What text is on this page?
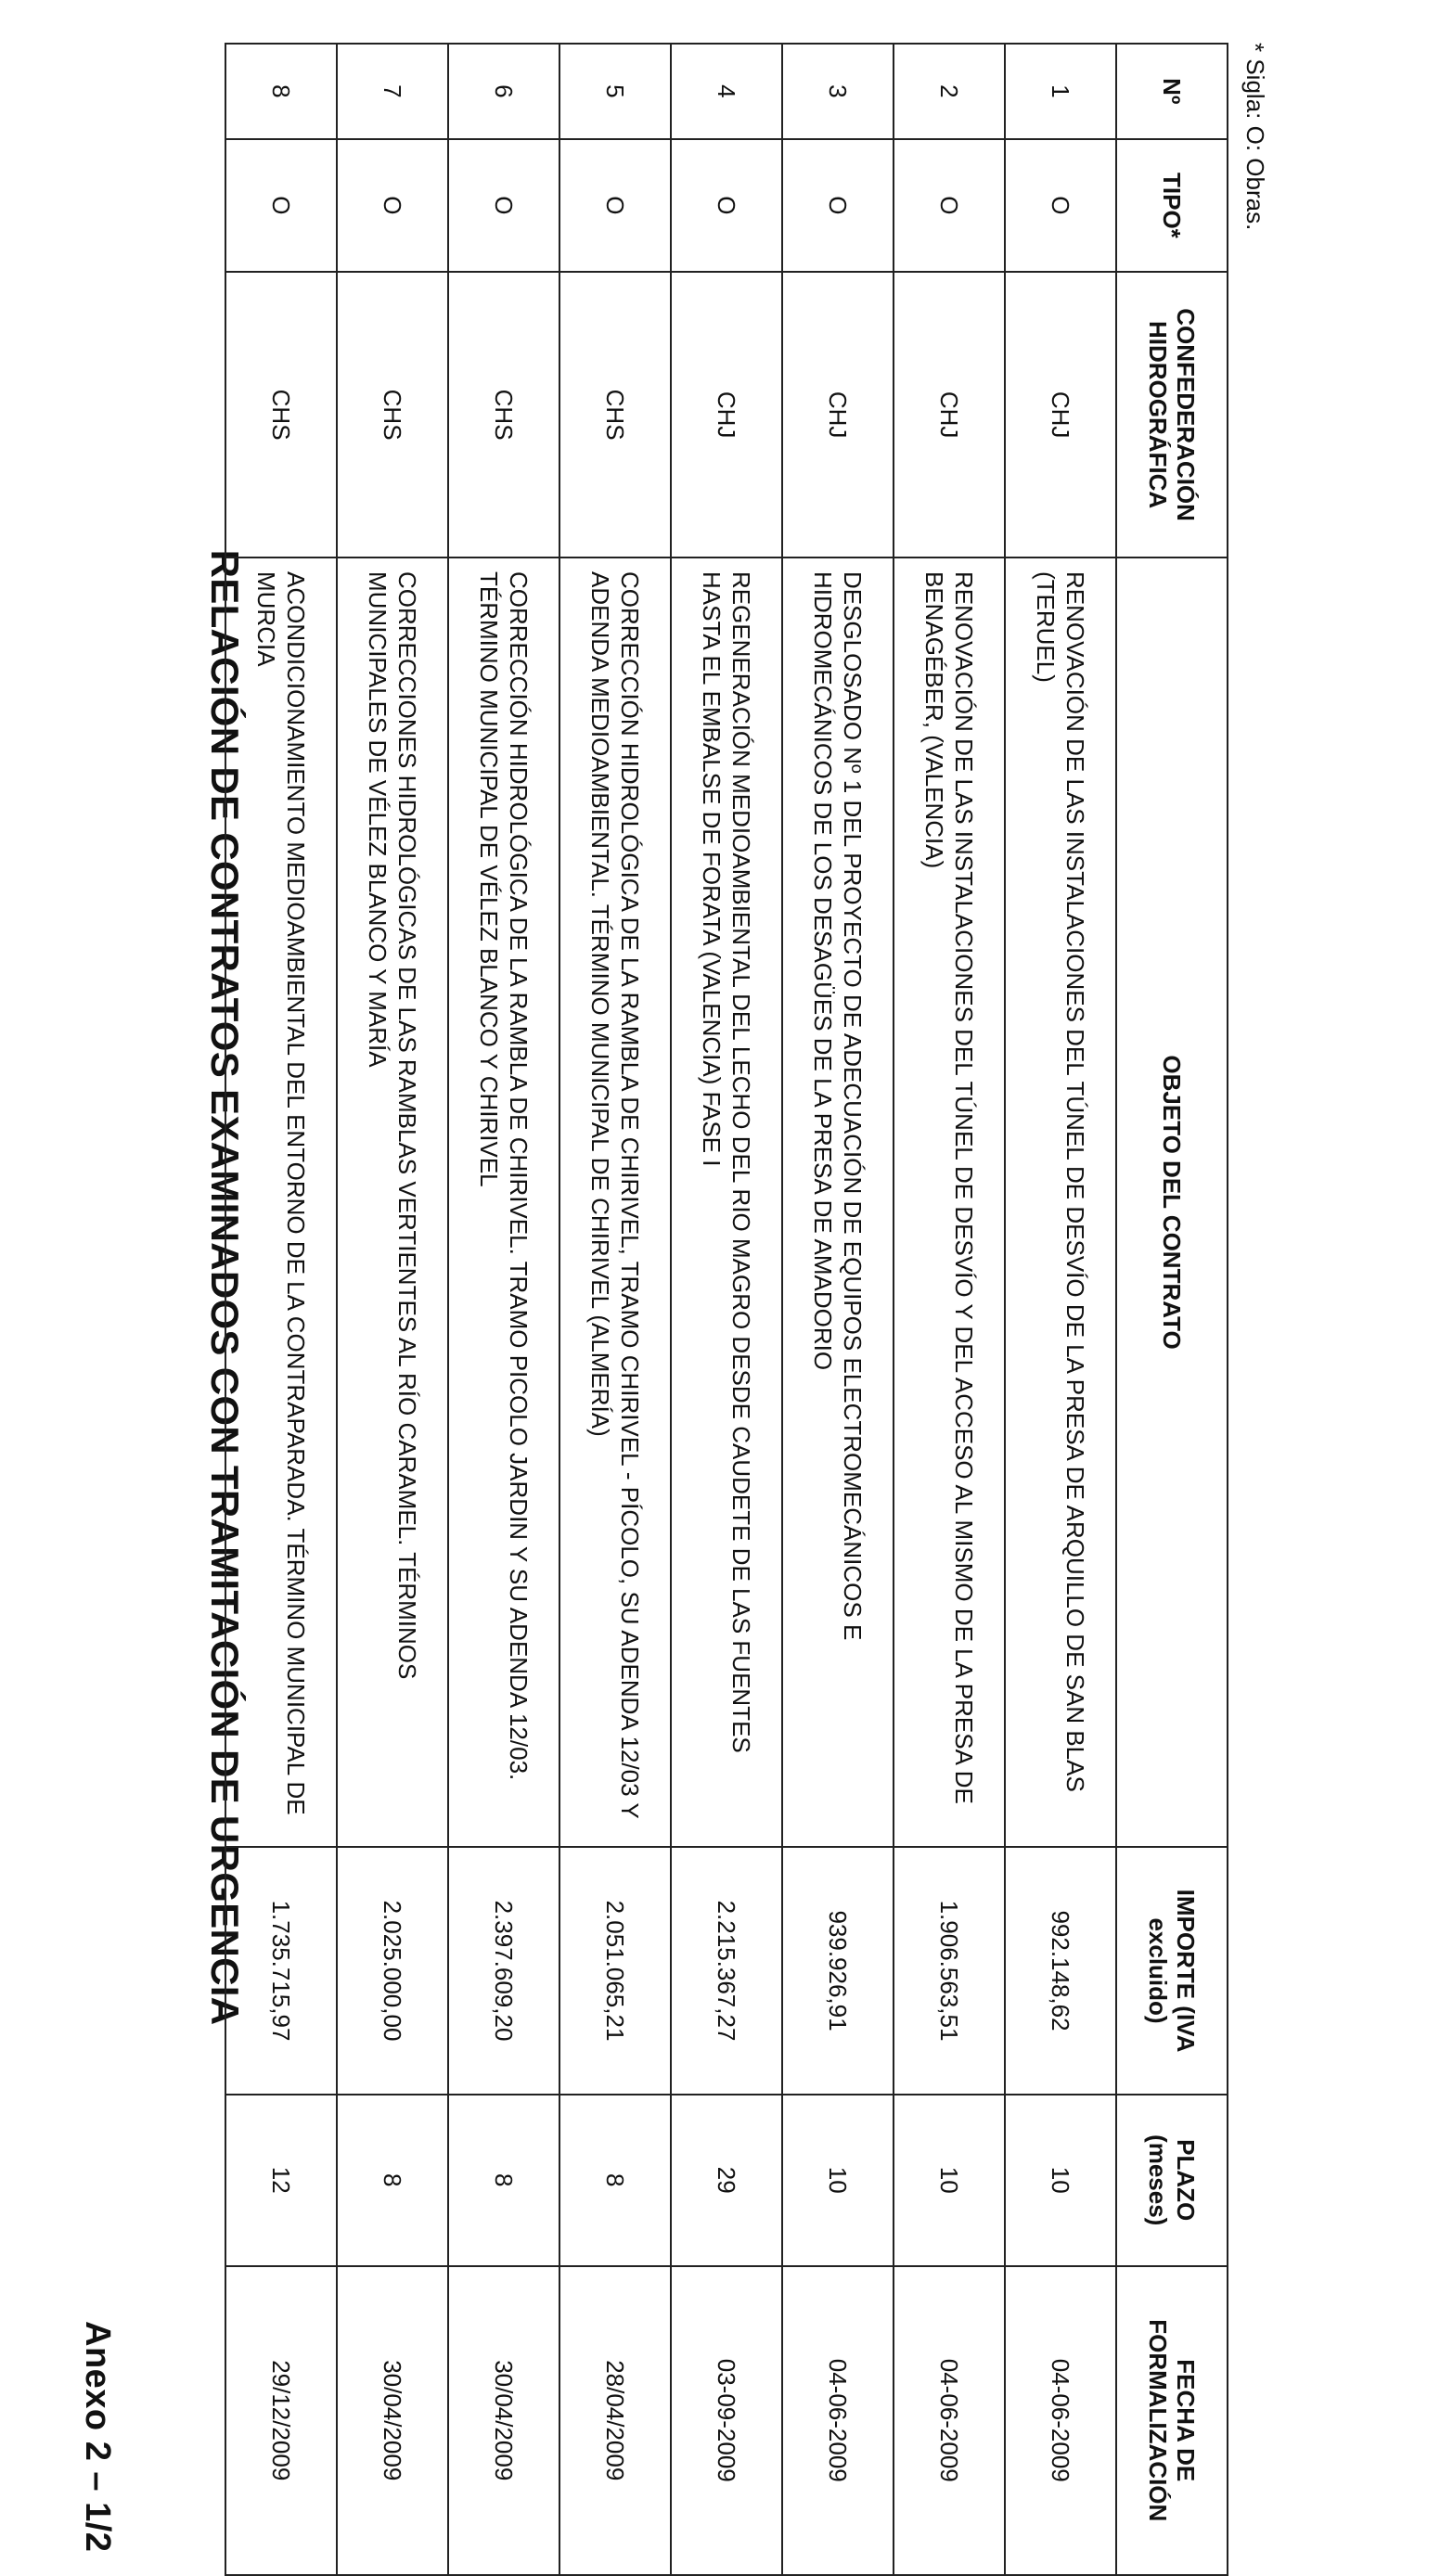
Anexo 2 – 1/2
RELACIÓN DE CONTRATOS EXAMINADOS CON TRAMITACIÓN DE URGENCIA
Nº	TIPO*	CONFEDERACIÓN HIDROGRÁFICA	OBJETO DEL CONTRATO	IMPORTE (IVA excluido)	PLAZO (meses)	FECHA DE FORMALIZACIÓN
1	O	CHJ	RENOVACIÓN DE LAS INSTALACIONES DEL TÚNEL DE DESVÍO DE LA PRESA DE ARQUILLO DE SAN BLAS (TERUEL)	992.148,62	10	04-06-2009
2	O	CHJ	RENOVACIÓN DE LAS INSTALACIONES DEL TÚNEL DE DESVÍO Y DEL ACCESO AL MISMO DE LA PRESA DE BENAGÉBER, (VALENCIA)	1.906.563,51	10	04-06-2009
3	O	CHJ	DESGLOSADO Nº 1 DEL PROYECTO DE ADECUACIÓN DE EQUIPOS ELECTROMECÁNICOS E HIDROMECÁNICOS DE LOS DESAGÜES DE LA PRESA DE AMADORIO	939.926,91	10	04-06-2009
4	O	CHJ	REGENERACIÓN MEDIOAMBIENTAL DEL LECHO DEL RIO MAGRO DESDE CAUDETE DE LAS FUENTES HASTA EL EMBALSE DE FORATA (VALENCIA) FASE I	2.215.367,27	29	03-09-2009
5	O	CHS	CORRECCIÓN HIDROLÓGICA DE LA RAMBLA DE CHIRIVEL, TRAMO CHIRIVEL - PÍCOLO, SU ADENDA 12/03 Y ADENDA MEDIOAMBIENTAL. TÉRMINO MUNICIPAL DE CHIRIVEL (ALMERÍA)	2.051.065,21	8	28/04/2009
6	O	CHS	CORRECCIÓN HIDROLÓGICA DE LA RAMBLA DE CHIRIVEL. TRAMO PICOLO JARDIN Y SU ADENDA 12/03. TÉRMINO MUNICIPAL DE VÉLEZ BLANCO Y CHIRIVEL	2.397.609,20	8	30/04/2009
7	O	CHS	CORRECCIONES HIDROLÓGICAS DE LAS RAMBLAS VERTIENTES AL RÍO CARAMEL. TÉRMINOS MUNICIPALES DE VÉLEZ BLANCO Y MARÍA	2.025.000,00	8	30/04/2009
8	O	CHS	ACONDICIONAMIENTO MEDIOAMBIENTAL DEL ENTORNO DE LA CONTRAPARADA. TÉRMINO MUNICIPAL DE MURCIA	1.735.715,97	12	29/12/2009
* Sigla: O: Obras.
